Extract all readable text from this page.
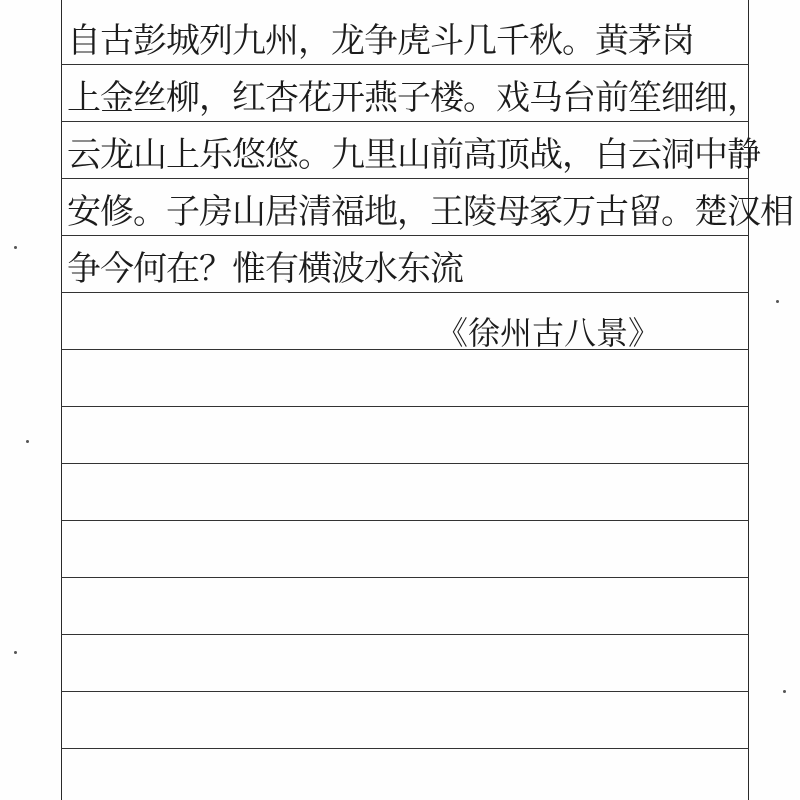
自古彭城列九州，龙争虎斗几千秋。黄茅岗
上金丝柳，红杏花开燕子楼。戏马台前笙细细，
云龙山上乐悠悠。九里山前高顶战，白云洞中静
安修。子房山居清福地，王陵母冢万古留。楚汉相
争今何在？惟有横波水东流
《徐州古八景》
